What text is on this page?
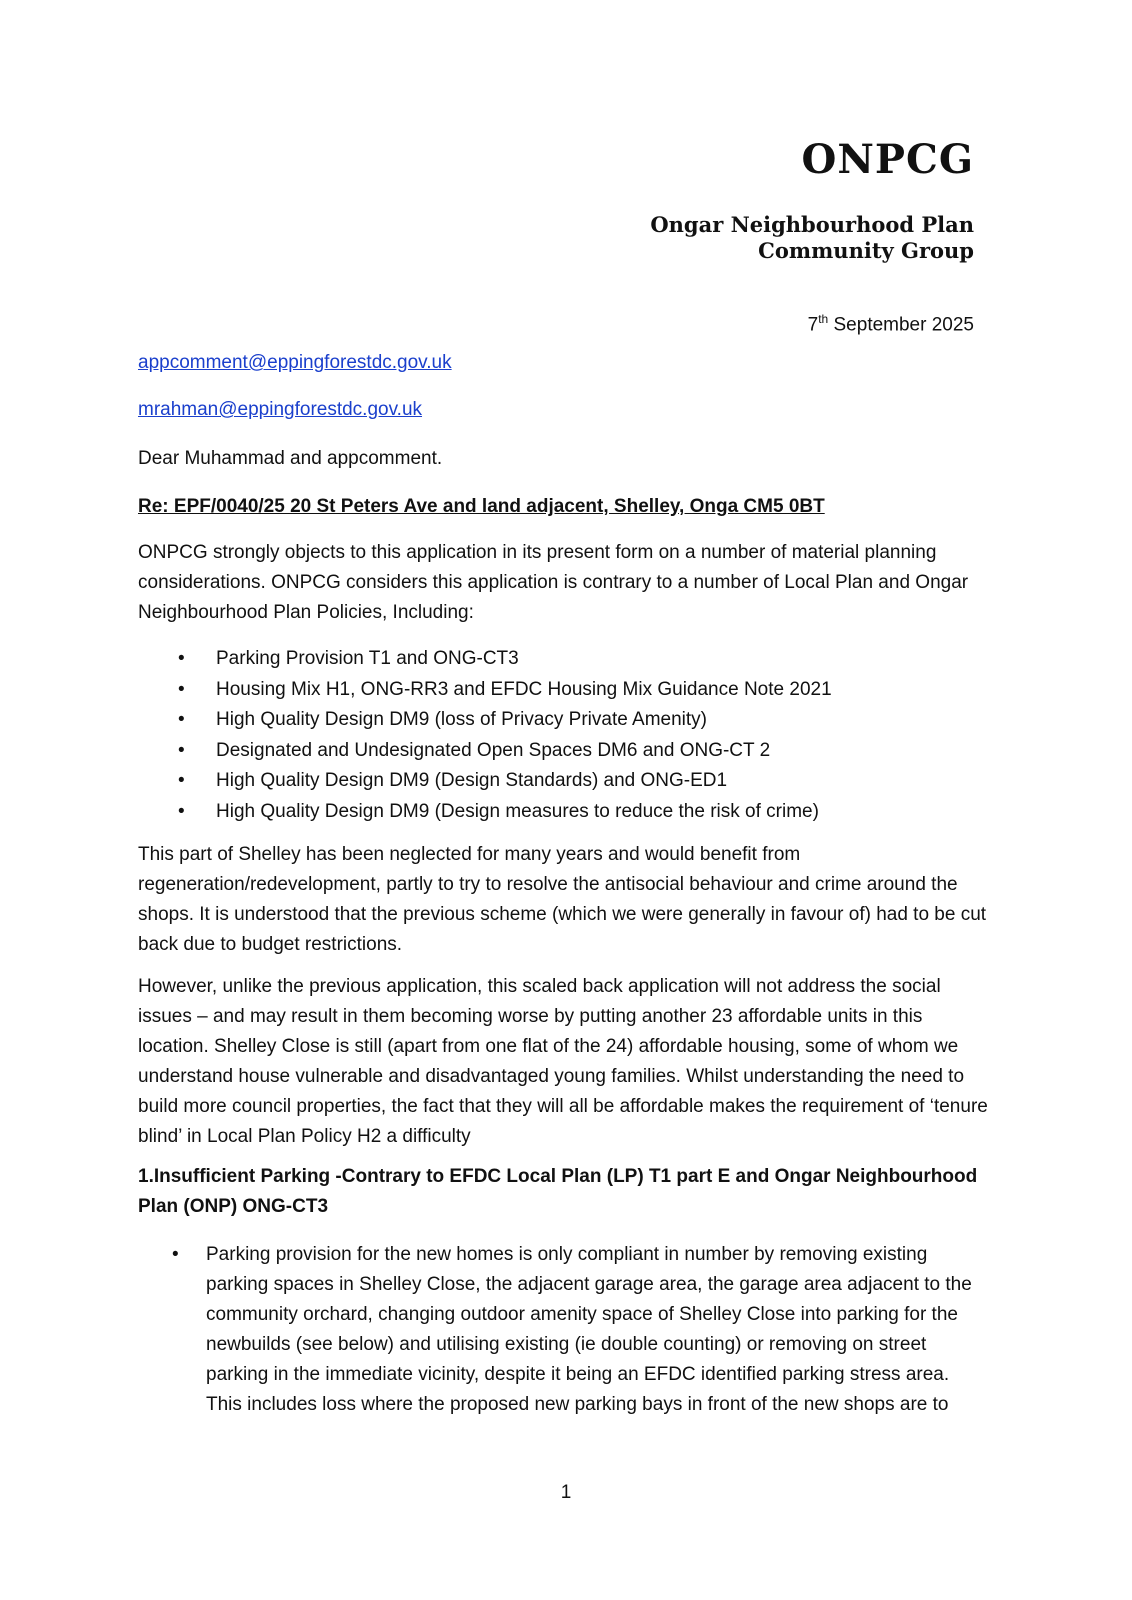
ONPCG
Ongar Neighbourhood Plan
Community Group
7th September 2025
appcomment@eppingforestdc.gov.uk
mrahman@eppingforestdc.gov.uk
Dear Muhammad and appcomment.
Re: EPF/0040/25 20 St Peters Ave and land adjacent, Shelley, Onga CM5 0BT
ONPCG strongly objects to this application in its present form on a number of material planning considerations. ONPCG considers this application is contrary to a number of Local Plan and Ongar Neighbourhood Plan Policies, Including:
• Parking Provision T1 and ONG-CT3
• Housing Mix H1, ONG-RR3 and EFDC Housing Mix Guidance Note 2021
• High Quality Design DM9 (loss of Privacy Private Amenity)
• Designated and Undesignated Open Spaces DM6 and ONG-CT 2
• High Quality Design DM9 (Design Standards) and ONG-ED1
• High Quality Design DM9 (Design measures to reduce the risk of crime)
This part of Shelley has been neglected for many years and would benefit from regeneration/redevelopment, partly to try to resolve the antisocial behaviour and crime around the shops. It is understood that the previous scheme (which we were generally in favour of) had to be cut back due to budget restrictions.
However, unlike the previous application, this scaled back application will not address the social issues – and may result in them becoming worse by putting another 23 affordable units in this location. Shelley Close is still (apart from one flat of the 24) affordable housing, some of whom we understand house vulnerable and disadvantaged young families. Whilst understanding the need to build more council properties, the fact that they will all be affordable makes the requirement of ‘tenure blind’ in Local Plan Policy H2 a difficulty
1.Insufficient Parking -Contrary to EFDC Local Plan (LP) T1 part E and Ongar Neighbourhood Plan (ONP) ONG-CT3
• Parking provision for the new homes is only compliant in number by removing existing parking spaces in Shelley Close, the adjacent garage area, the garage area adjacent to the community orchard, changing outdoor amenity space of Shelley Close into parking for the newbuilds (see below) and utilising existing (ie double counting) or removing on street parking in the immediate vicinity, despite it being an EFDC identified parking stress area. This includes loss where the proposed new parking bays in front of the new shops are to
1
